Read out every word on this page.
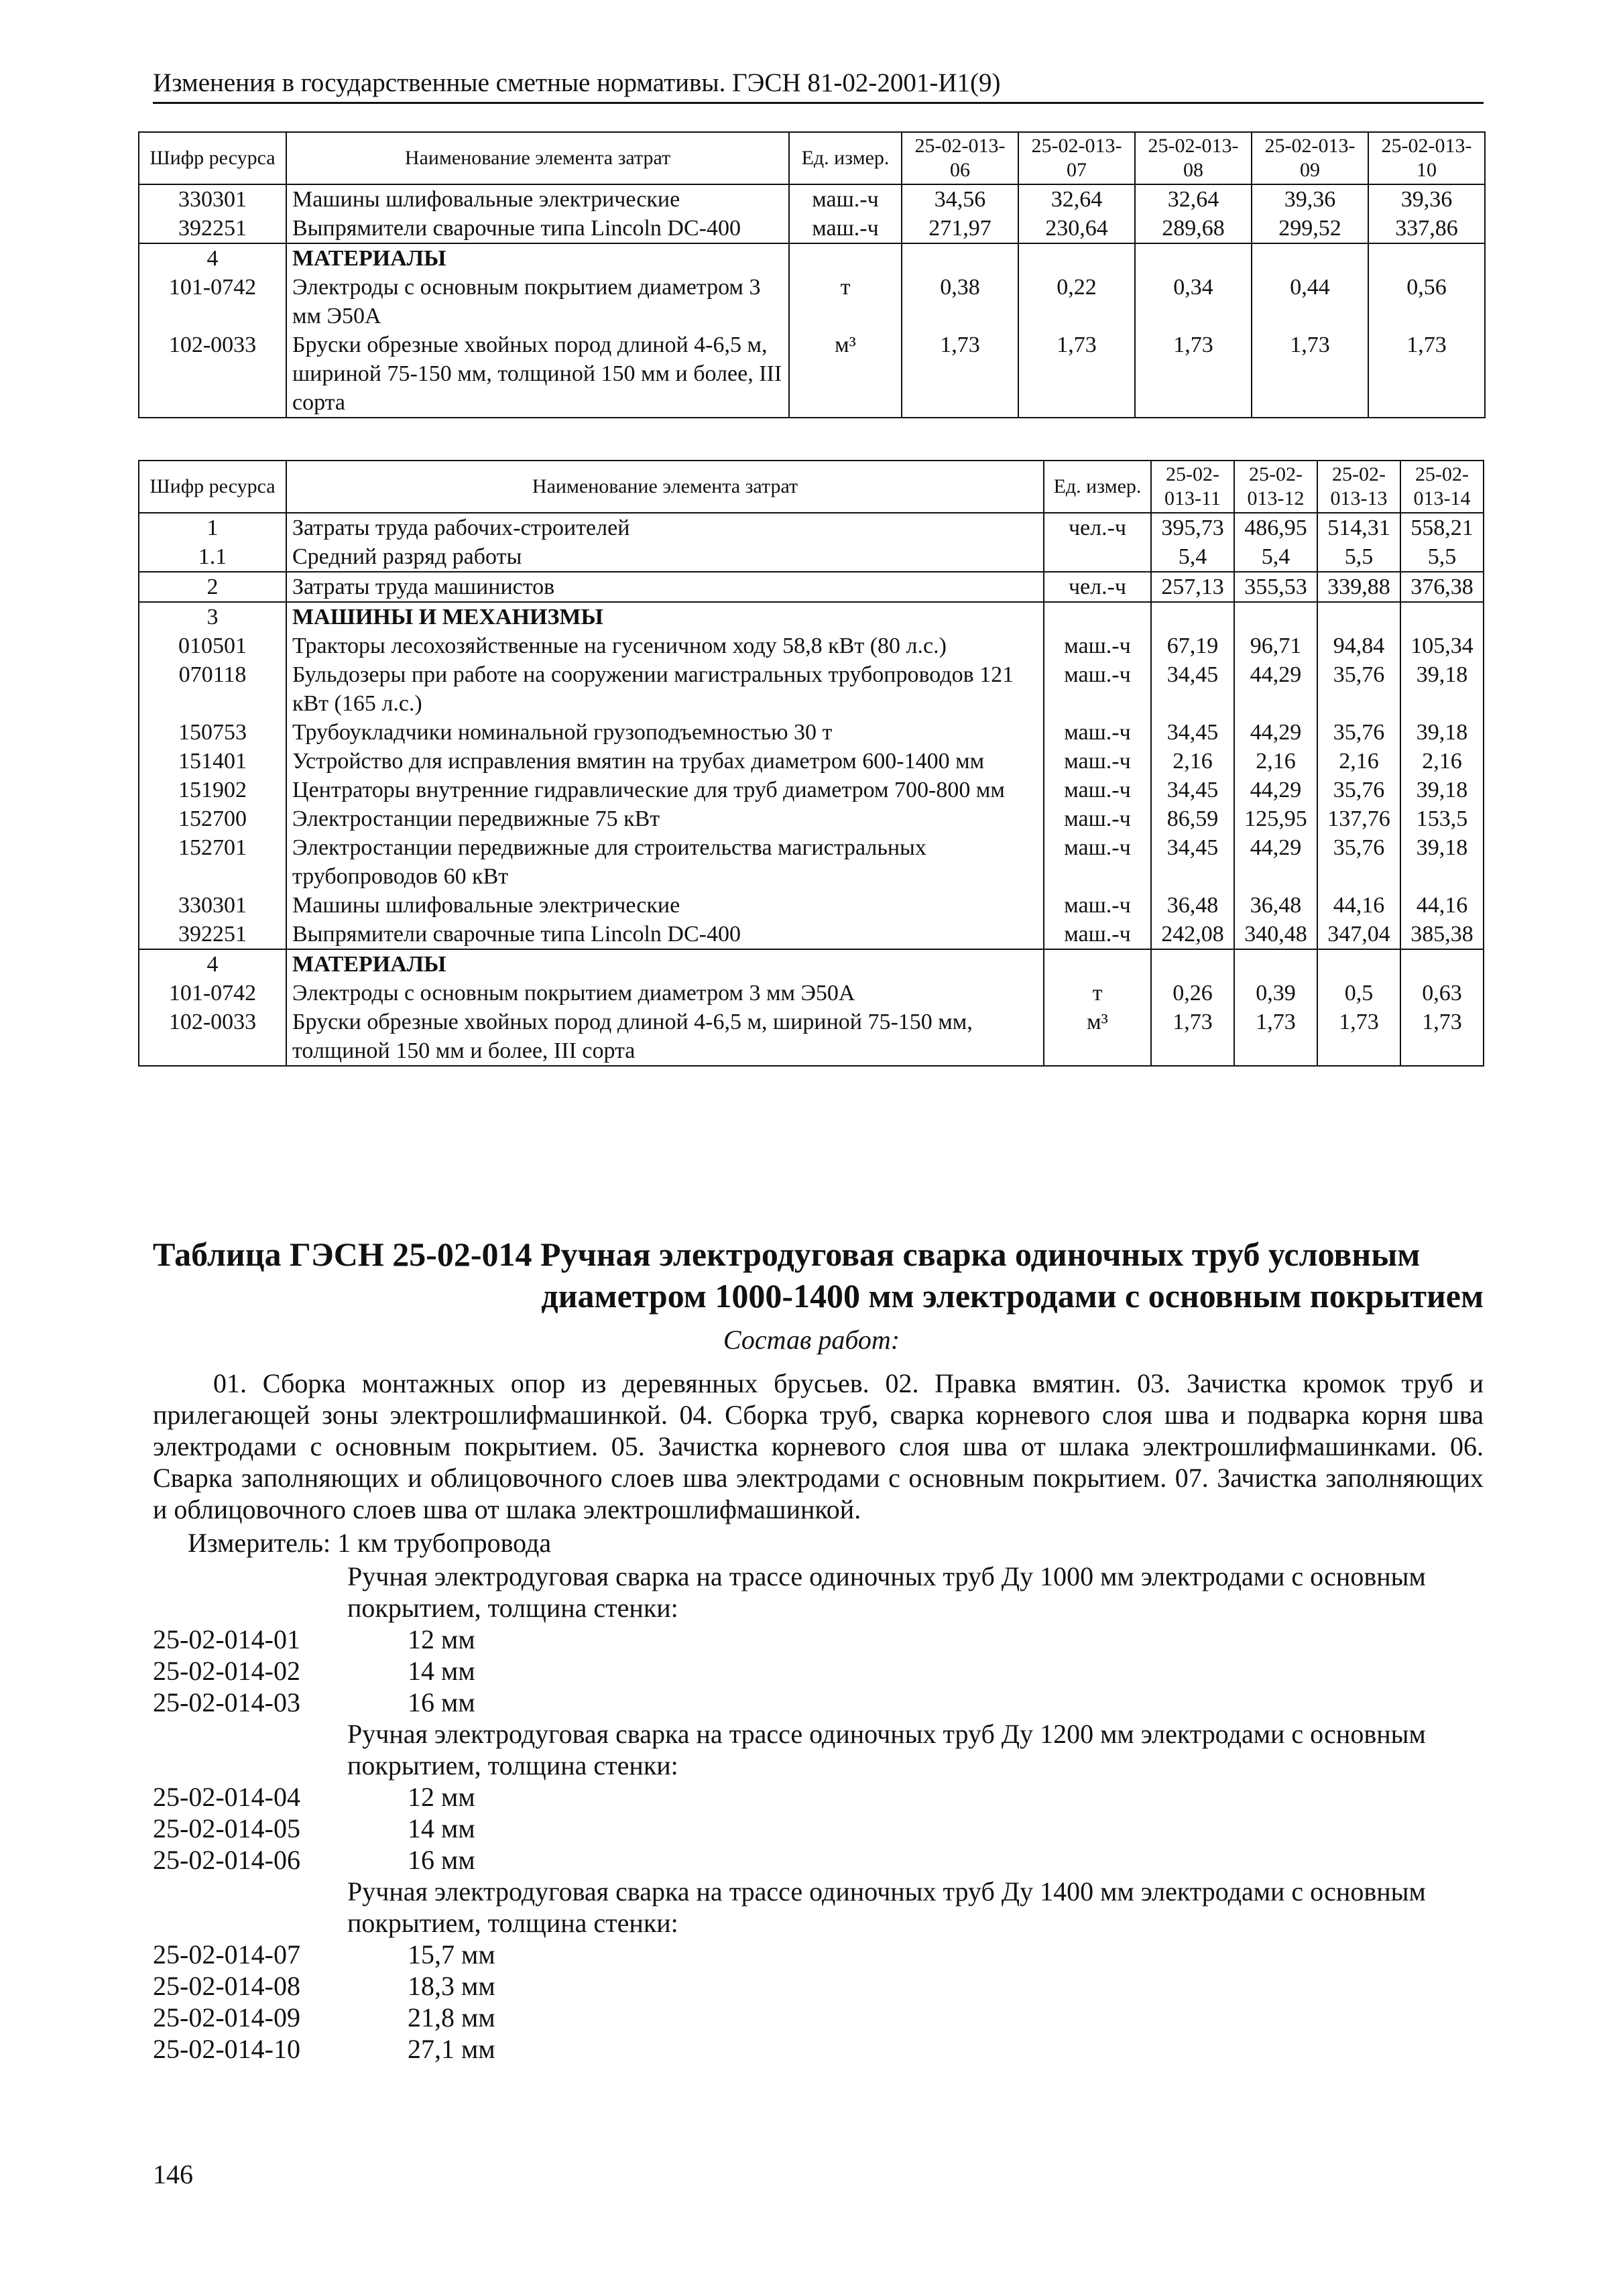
Изменения в государственные сметные нормативы. ГЭСН 81-02-2001-И1(9)
Шифр ресурса	Наименование элемента затрат	Ед. измер.	25-02-013-06	25-02-013-07	25-02-013-08	25-02-013-09	25-02-013-10
330301	Машины шлифовальные электрические	маш.-ч	34,56	32,64	32,64	39,36	39,36
392251	Выпрямители сварочные типа Lincoln DC-400	маш.-ч	271,97	230,64	289,68	299,52	337,86
4	МАТЕРИАЛЫ						
101-0742	Электроды с основным покрытием диаметром 3 мм Э50А	т	0,38	0,22	0,34	0,44	0,56
102-0033	Бруски обрезные хвойных пород длиной 4-6,5 м, шириной 75-150 мм, толщиной 150 мм и более, III сорта	м³	1,73	1,73	1,73	1,73	1,73
Шифр ресурса	Наименование элемента затрат	Ед. измер.	25-02-013-11	25-02-013-12	25-02-013-13	25-02-013-14
1	Затраты труда рабочих-строителей	чел.-ч	395,73	486,95	514,31	558,21
1.1	Средний разряд работы		5,4	5,4	5,5	5,5
2	Затраты труда машинистов	чел.-ч	257,13	355,53	339,88	376,38
3	МАШИНЫ И МЕХАНИЗМЫ					
010501	Тракторы лесохозяйственные на гусеничном ходу 58,8 кВт (80 л.с.)	маш.-ч	67,19	96,71	94,84	105,34
070118	Бульдозеры при работе на сооружении магистральных трубопроводов 121 кВт (165 л.с.)	маш.-ч	34,45	44,29	35,76	39,18
150753	Трубоукладчики номинальной грузоподъемностью 30 т	маш.-ч	34,45	44,29	35,76	39,18
151401	Устройство для исправления вмятин на трубах диаметром 600-1400 мм	маш.-ч	2,16	2,16	2,16	2,16
151902	Центраторы внутренние гидравлические для труб диаметром 700-800 мм	маш.-ч	34,45	44,29	35,76	39,18
152700	Электростанции передвижные 75 кВт	маш.-ч	86,59	125,95	137,76	153,5
152701	Электростанции передвижные для строительства магистральных трубопроводов 60 кВт	маш.-ч	34,45	44,29	35,76	39,18
330301	Машины шлифовальные электрические	маш.-ч	36,48	36,48	44,16	44,16
392251	Выпрямители сварочные типа Lincoln DC-400	маш.-ч	242,08	340,48	347,04	385,38
4	МАТЕРИАЛЫ					
101-0742	Электроды с основным покрытием диаметром 3 мм Э50А	т	0,26	0,39	0,5	0,63
102-0033	Бруски обрезные хвойных пород длиной 4-6,5 м, шириной 75-150 мм, толщиной 150 мм и более, III сорта	м³	1,73	1,73	1,73	1,73
Таблица ГЭСН 25-02-014 Ручная электродуговая сварка одиночных труб условным
диаметром 1000-1400 мм электродами с основным покрытием
Состав работ:
01. Сборка монтажных опор из деревянных брусьев. 02. Правка вмятин. 03. Зачистка кромок труб и прилегающей зоны электрошлифмашинкой. 04. Сборка труб, сварка корневого слоя шва и подварка корня шва электродами с основным покрытием. 05. Зачистка корневого слоя шва от шлака электрошлифмашинками. 06. Сварка заполняющих и облицовочного слоев шва электродами с основным покрытием. 07. Зачистка заполняющих и облицовочного слоев шва от шлака электрошлифмашинкой.
Измеритель: 1 км трубопровода
Ручная электродуговая сварка на трассе одиночных труб Ду 1000 мм электродами с основным покрытием, толщина стенки:
25-02-014-01	12 мм
25-02-014-02	14 мм
25-02-014-03	16 мм
Ручная электродуговая сварка на трассе одиночных труб Ду 1200 мм электродами с основным покрытием, толщина стенки:
25-02-014-04	12 мм
25-02-014-05	14 мм
25-02-014-06	16 мм
Ручная электродуговая сварка на трассе одиночных труб Ду 1400 мм электродами с основным покрытием, толщина стенки:
25-02-014-07	15,7 мм
25-02-014-08	18,3 мм
25-02-014-09	21,8 мм
25-02-014-10	27,1 мм
146
